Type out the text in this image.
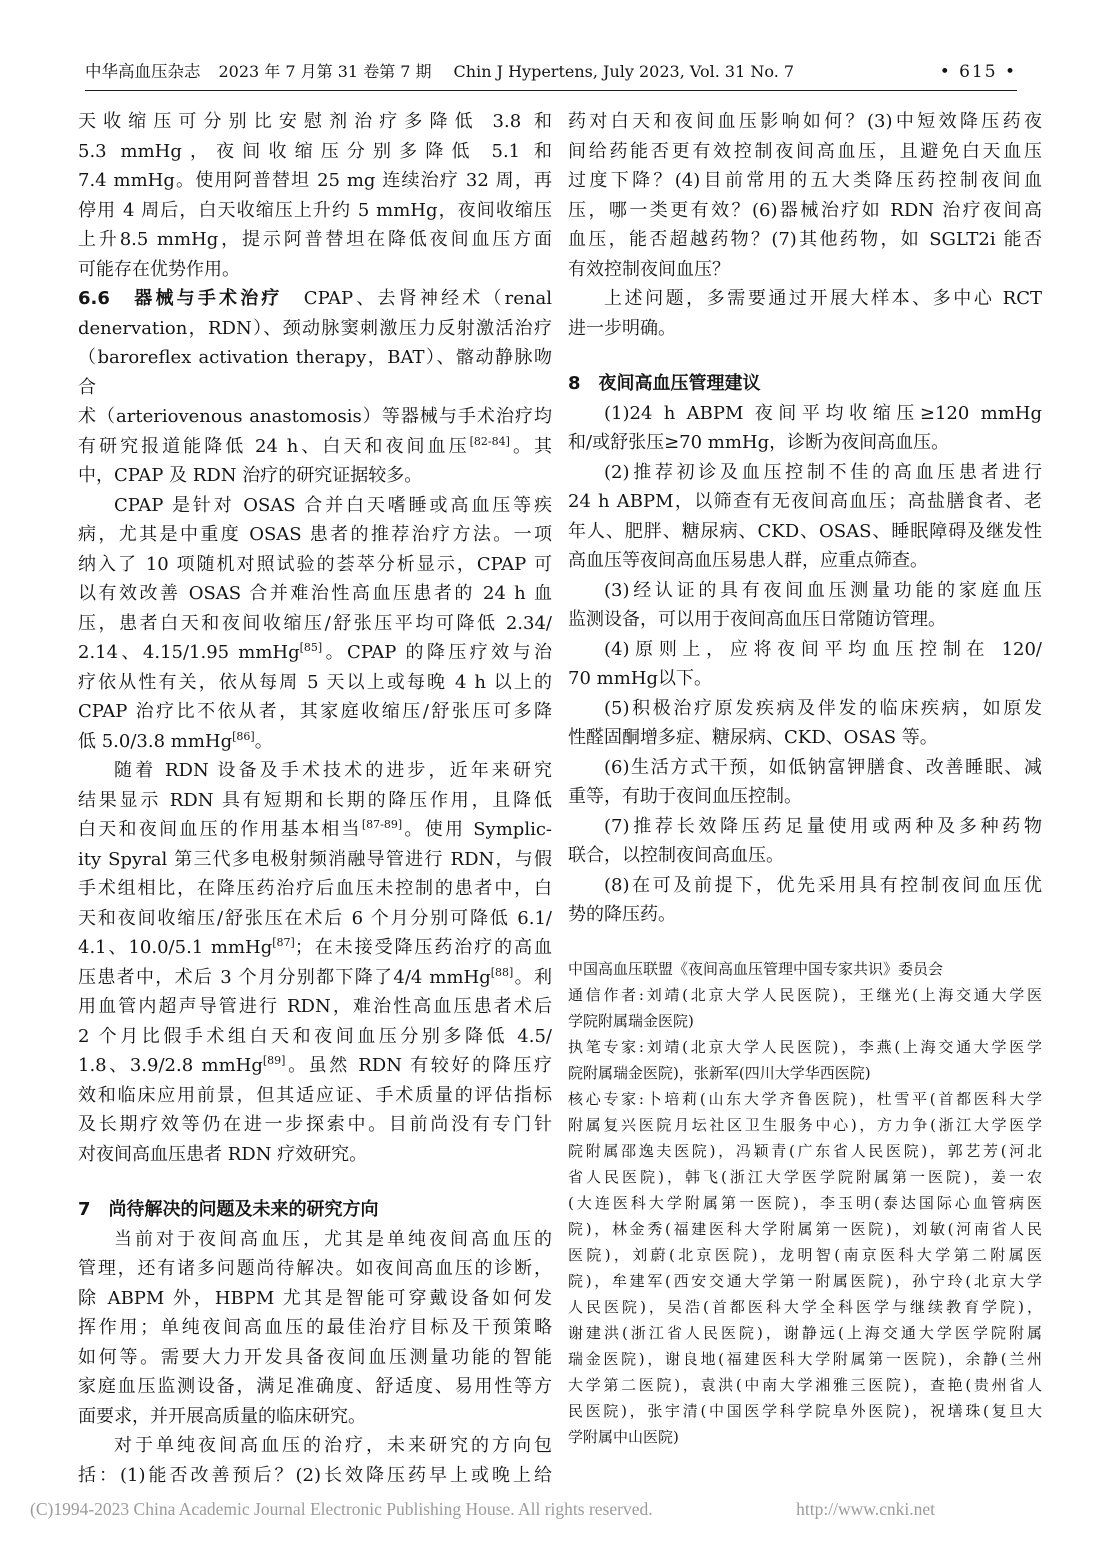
中华高血压杂志 2023 年 7 月第 31 卷第 7 期 Chin J Hypertens, July 2023, Vol. 31 No. 7	• 615 •
天收缩压可分别比安慰剂治疗多降低 3.8 和
5.3 mmHg，夜间收缩压分别多降低 5.1 和
7.4 mmHg。使用阿普替坦 25 mg 连续治疗 32 周，再
停用 4 周后，白天收缩压上升约 5 mmHg，夜间收缩压
上升8.5 mmHg，提示阿普替坦在降低夜间血压方面
可能存在优势作用。
6.6　器械与手术治疗　CPAP、去肾神经术（renal
denervation，RDN）、颈动脉窦刺激压力反射激活治疗
（baroreflex activation therapy，BAT）、髂动静脉吻合
术（arteriovenous anastomosis）等器械与手术治疗均
有研究报道能降低 24 h、白天和夜间血压[82-84]。其
中，CPAP 及 RDN 治疗的研究证据较多。
CPAP 是针对 OSAS 合并白天嗜睡或高血压等疾
病，尤其是中重度 OSAS 患者的推荐治疗方法。一项
纳入了 10 项随机对照试验的荟萃分析显示，CPAP 可
以有效改善 OSAS 合并难治性高血压患者的 24 h 血
压，患者白天和夜间收缩压/舒张压平均可降低 2.34/
2.14、4.15/1.95 mmHg[85]。CPAP 的降压疗效与治
疗依从性有关，依从每周 5 天以上或每晚 4 h 以上的
CPAP 治疗比不依从者，其家庭收缩压/舒张压可多降
低 5.0/3.8 mmHg[86]。
随着 RDN 设备及手术技术的进步，近年来研究
结果显示 RDN 具有短期和长期的降压作用，且降低
白天和夜间血压的作用基本相当[87-89]。使用 Symplic-
ity Spyral 第三代多电极射频消融导管进行 RDN，与假
手术组相比，在降压药治疗后血压未控制的患者中，白
天和夜间收缩压/舒张压在术后 6 个月分别可降低 6.1/
4.1、10.0/5.1 mmHg[87]；在未接受降压药治疗的高血
压患者中，术后 3 个月分别都下降了4/4 mmHg[88]。利
用血管内超声导管进行 RDN，难治性高血压患者术后
2 个月比假手术组白天和夜间血压分别多降低 4.5/
1.8、3.9/2.8 mmHg[89]。虽然 RDN 有较好的降压疗
效和临床应用前景，但其适应证、手术质量的评估指标
及长期疗效等仍在进一步探索中。目前尚没有专门针
对夜间高血压患者 RDN 疗效研究。
7　尚待解决的问题及未来的研究方向
当前对于夜间高血压，尤其是单纯夜间高血压的
管理，还有诸多问题尚待解决。如夜间高血压的诊断，
除 ABPM 外，HBPM 尤其是智能可穿戴设备如何发
挥作用；单纯夜间高血压的最佳治疗目标及干预策略
如何等。需要大力开发具备夜间血压测量功能的智能
家庭血压监测设备，满足准确度、舒适度、易用性等方
面要求，并开展高质量的临床研究。
对于单纯夜间高血压的治疗，未来研究的方向包
括：(1)能否改善预后？(2)长效降压药早上或晚上给
药对白天和夜间血压影响如何？(3)中短效降压药夜
间给药能否更有效控制夜间高血压，且避免白天血压
过度下降？(4)目前常用的五大类降压药控制夜间血
压，哪一类更有效？(6)器械治疗如 RDN 治疗夜间高
血压，能否超越药物？(7)其他药物，如 SGLT2i 能否
有效控制夜间血压？
上述问题，多需要通过开展大样本、多中心 RCT
进一步明确。
8　夜间高血压管理建议
(1)24 h ABPM 夜间平均收缩压≥120 mmHg
和/或舒张压≥70 mmHg，诊断为夜间高血压。
(2)推荐初诊及血压控制不佳的高血压患者进行
24 h ABPM，以筛查有无夜间高血压；高盐膳食者、老
年人、肥胖、糖尿病、CKD、OSAS、睡眠障碍及继发性
高血压等夜间高血压易患人群，应重点筛查。
(3)经认证的具有夜间血压测量功能的家庭血压
监测设备，可以用于夜间高血压日常随访管理。
(4)原则上，应将夜间平均血压控制在 120/
70 mmHg以下。
(5)积极治疗原发疾病及伴发的临床疾病，如原发
性醛固酮增多症、糖尿病、CKD、OSAS 等。
(6)生活方式干预，如低钠富钾膳食、改善睡眠、减
重等，有助于夜间血压控制。
(7)推荐长效降压药足量使用或两种及多种药物
联合，以控制夜间高血压。
(8)在可及前提下，优先采用具有控制夜间血压优
势的降压药。
中国高血压联盟《夜间高血压管理中国专家共识》委员会
通信作者:刘靖(北京大学人民医院)，王继光(上海交通大学医
学院附属瑞金医院)
执笔专家:刘靖(北京大学人民医院)，李燕(上海交通大学医学
院附属瑞金医院)，张新军(四川大学华西医院)
核心专家:卜培莉(山东大学齐鲁医院)，杜雪平(首都医科大学
附属复兴医院月坛社区卫生服务中心)，方力争(浙江大学医学
院附属邵逸夫医院)，冯颖青(广东省人民医院)，郭艺芳(河北
省人民医院)，韩飞(浙江大学医学院附属第一医院)，姜一农
(大连医科大学附属第一医院)，李玉明(泰达国际心血管病医
院)，林金秀(福建医科大学附属第一医院)，刘敏(河南省人民
医院)，刘蔚(北京医院)，龙明智(南京医科大学第二附属医
院)，牟建军(西安交通大学第一附属医院)，孙宁玲(北京大学
人民医院)，吴浩(首都医科大学全科医学与继续教育学院)，
谢建洪(浙江省人民医院)，谢静远(上海交通大学医学院附属
瑞金医院)，谢良地(福建医科大学附属第一医院)，余静(兰州
大学第二医院)，袁洪(中南大学湘雅三医院)，查艳(贵州省人
民医院)，张宇清(中国医学科学院阜外医院)，祝墡珠(复旦大
学附属中山医院)
(C)1994-2023 China Academic Journal Electronic Publishing House. All rights reserved.	http://www.cnki.net
